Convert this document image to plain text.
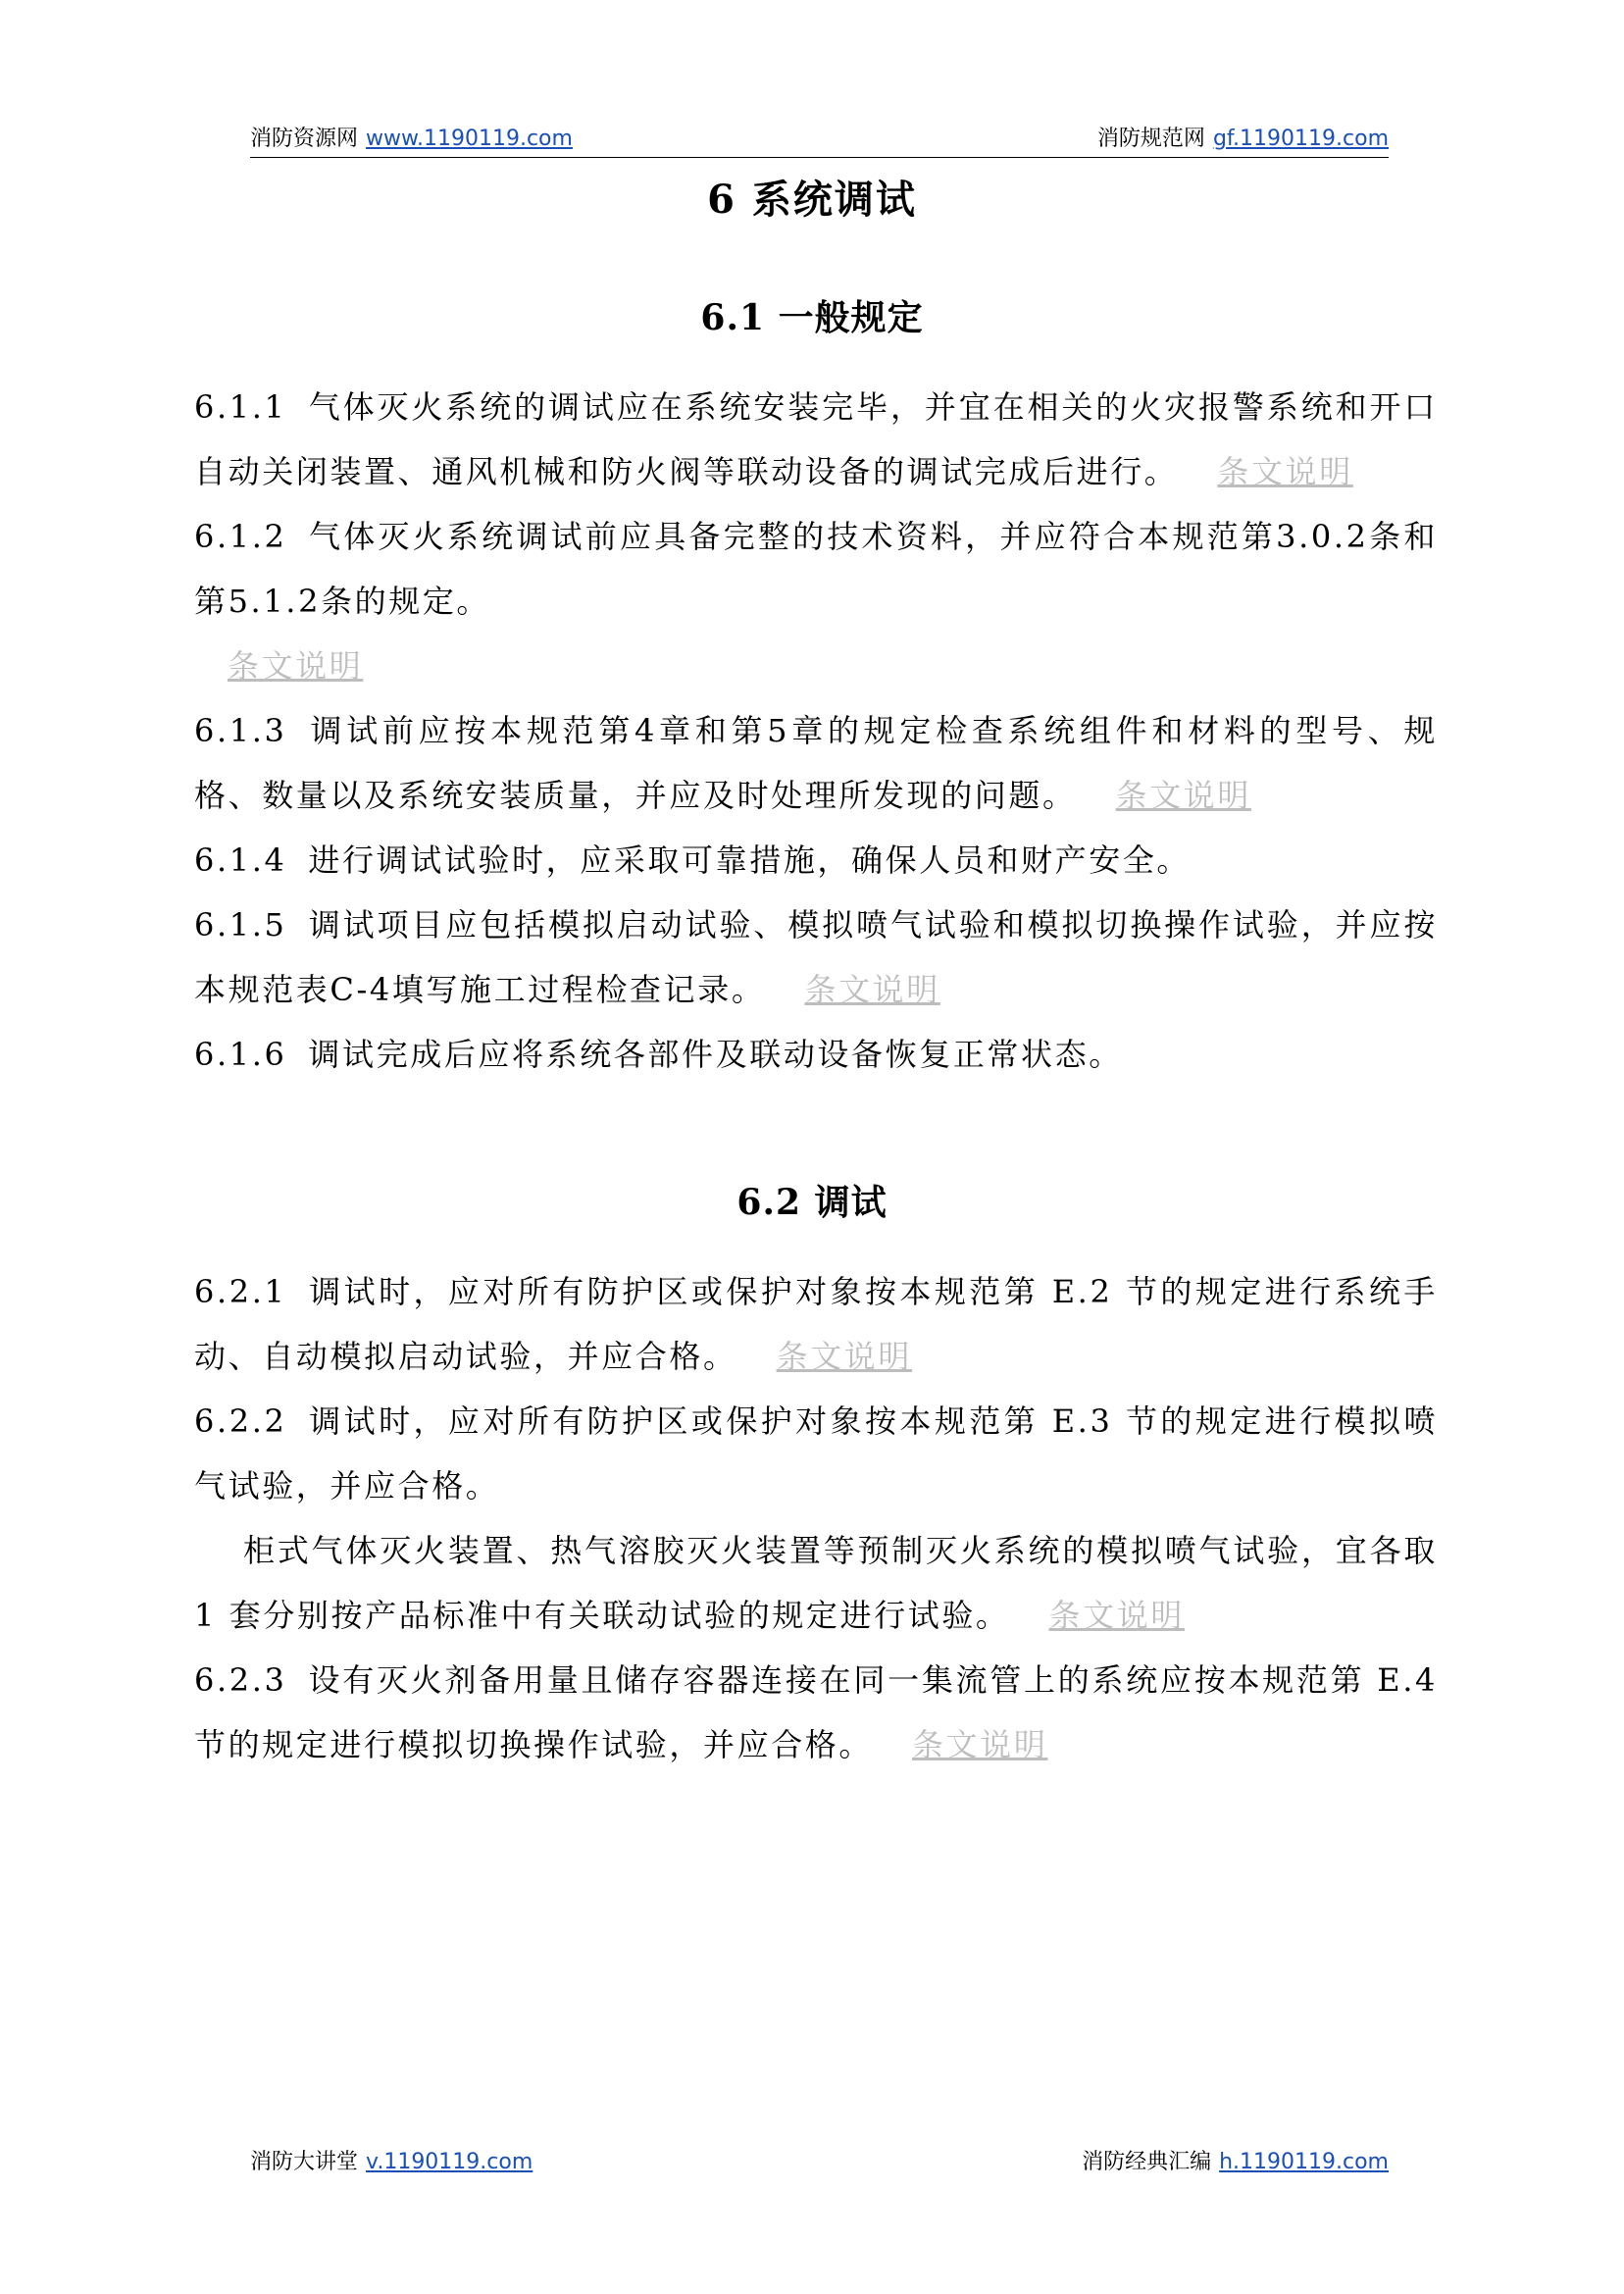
消防资源网 www.1190119.com	消防规范网 gf.1190119.com
6 系统调试
6.1 一般规定
6.1.1 气体灭火系统的调试应在系统安装完毕，并宜在相关的火灾报警系统和开口自动关闭装置、通风机械和防火阀等联动设备的调试完成后进行。 条文说明
6.1.2 气体灭火系统调试前应具备完整的技术资料，并应符合本规范第3.0.2条和第5.1.2条的规定。
条文说明
6.1.3 调试前应按本规范第4章和第5章的规定检查系统组件和材料的型号、规格、数量以及系统安装质量，并应及时处理所发现的问题。 条文说明
6.1.4 进行调试试验时，应采取可靠措施，确保人员和财产安全。
6.1.5 调试项目应包括模拟启动试验、模拟喷气试验和模拟切换操作试验，并应按本规范表C-4填写施工过程检查记录。 条文说明
6.1.6 调试完成后应将系统各部件及联动设备恢复正常状态。
6.2 调试
6.2.1 调试时，应对所有防护区或保护对象按本规范第 E.2 节的规定进行系统手动、自动模拟启动试验，并应合格。 条文说明
6.2.2 调试时，应对所有防护区或保护对象按本规范第 E.3 节的规定进行模拟喷气试验，并应合格。
柜式气体灭火装置、热气溶胶灭火装置等预制灭火系统的模拟喷气试验，宜各取 1 套分别按产品标准中有关联动试验的规定进行试验。 条文说明
6.2.3 设有灭火剂备用量且储存容器连接在同一集流管上的系统应按本规范第 E.4 节的规定进行模拟切换操作试验，并应合格。 条文说明
消防大讲堂 v.1190119.com	消防经典汇编 h.1190119.com
